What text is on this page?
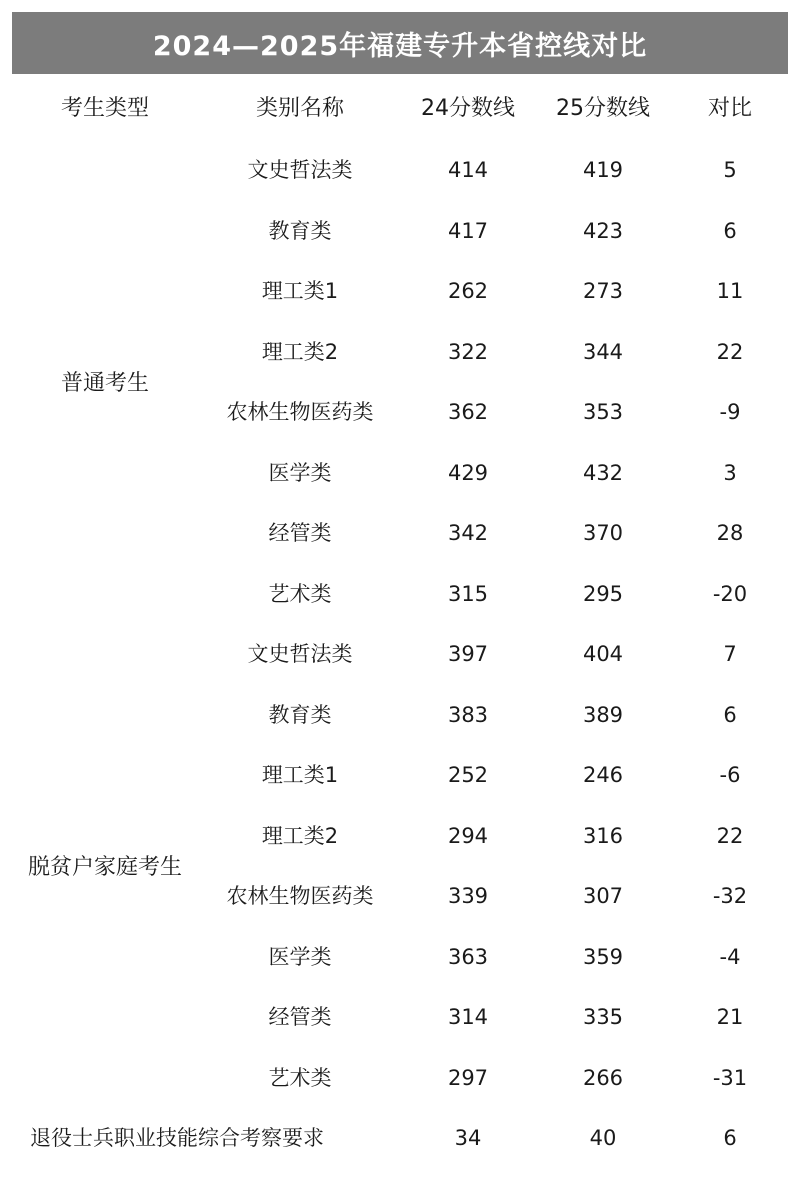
2024—2025年福建专升本省控线对比
考生类型	类别名称	24分数线 25分数线	对比
普通考生
文史哲法类	414	419	5
教育类	417	423	6
理工类1	262	273	11
理工类2	322	344	22
农林生物医药类	362	353	-9
医学类	429	432	3
经管类	342	370	28
艺术类	315	295	-20
脱贫户家庭考生
文史哲法类	397	404	7
教育类	383	389	6
理工类1	252	246	-6
理工类2	294	316	22
农林生物医药类	339	307	-32
医学类	363	359	-4
经管类	314	335	21
艺术类	297	266	-31
退役士兵职业技能综合考察要求	34	40	6
